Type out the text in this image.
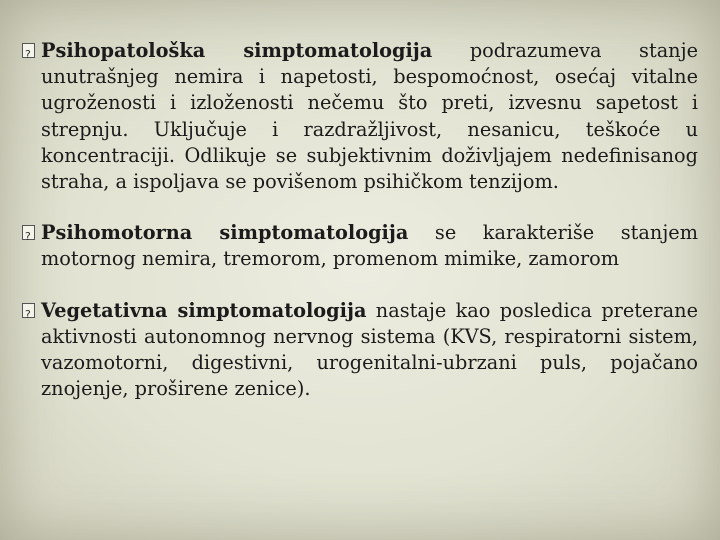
?
Psihopatološka simptomatologija podrazumeva stanje unutrašnjeg nemira i napetosti, bespomoćnost, osećaj vitalne ugroženosti i izloženosti nečemu što preti, izvesnu sapetost i strepnju. Uključuje i razdražljivost, nesanicu, teškoće u koncentraciji. Odlikuje se subjektivnim doživljajem nedefinisanog straha, a ispoljava se povišenom psihičkom tenzijom.

?
Psihomotorna simptomatologija se karakteriše stanjem motornog nemira, tremorom, promenom mimike, zamorom

?
Vegetativna simptomatologija nastaje kao posledica preterane aktivnosti autonomnog nervnog sistema (KVS, respiratorni sistem, vazomotorni, digestivni, urogenitalni-ubrzani puls, pojačano znojenje, proširene zenice).
